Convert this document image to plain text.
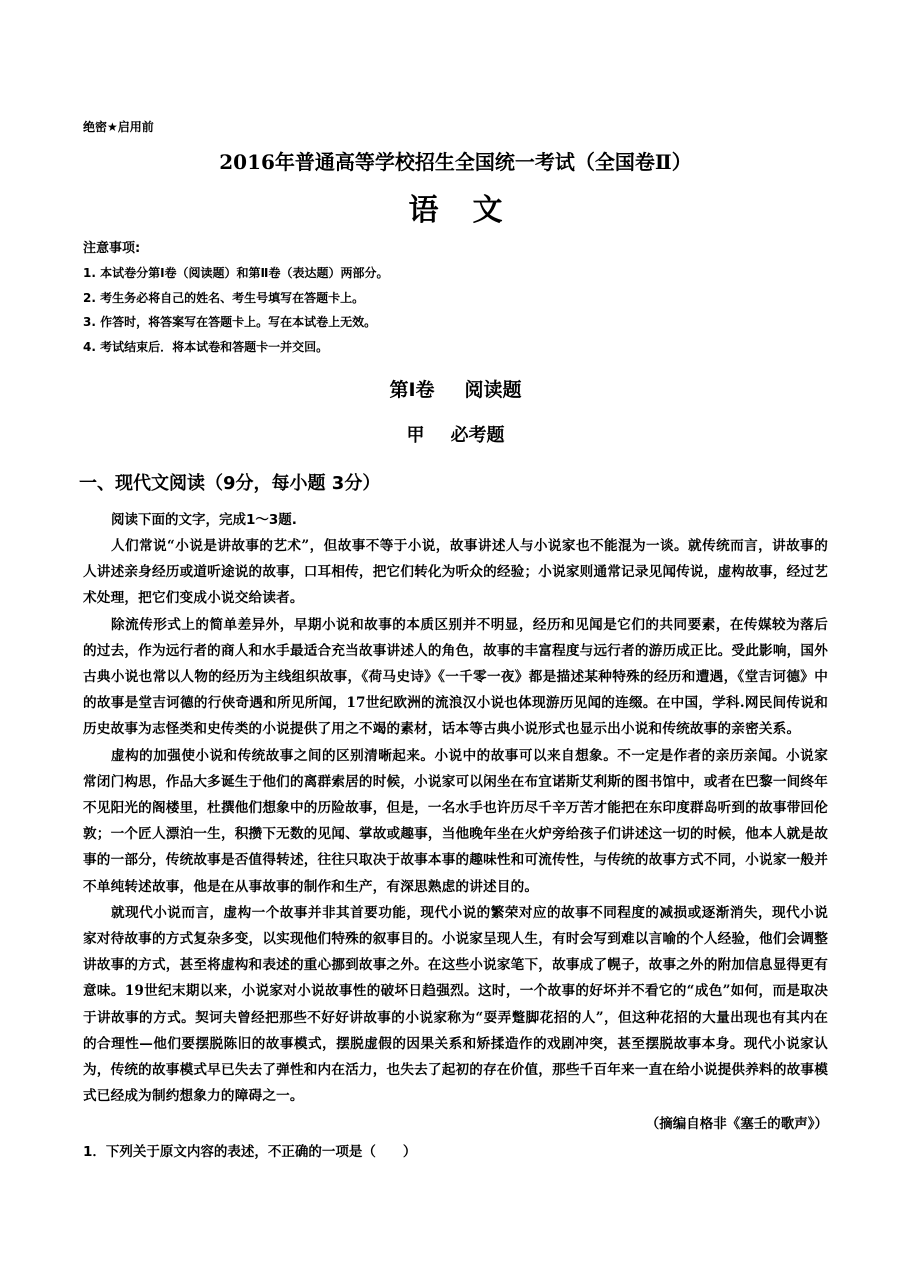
绝密★启用前
2016年普通高等学校招生全国统一考试（全国卷Ⅱ）
语文
注意事项:
1. 本试卷分第Ⅰ卷（阅读题）和第Ⅱ卷（表达题）两部分。
2. 考生务必将自己的姓名、考生号填写在答题卡上。
3. 作答时，将答案写在答题卡上。写在本试卷上无效。
4. 考试结束后．将本试卷和答题卡一并交回。
第Ⅰ卷 阅读题
甲 必考题
一、现代文阅读（9分，每小题 3分）
阅读下面的文字，完成1～3题.

人们常说“小说是讲故事的艺术”，但故事不等于小说，故事讲述人与小说家也不能混为一谈。就传统而言，讲故事的人讲述亲身经历或道听途说的故事，口耳相传，把它们转化为听众的经验；小说家则通常记录见闻传说，虚构故事，经过艺术处理，把它们变成小说交给读者。

除流传形式上的简单差异外，早期小说和故事的本质区别并不明显，经历和见闻是它们的共同要素，在传媒较为落后的过去，作为远行者的商人和水手最适合充当故事讲述人的角色，故事的丰富程度与远行者的游历成正比。受此影响，国外古典小说也常以人物的经历为主线组织故事，《荷马史诗》《一千零一夜》都是描述某种特殊的经历和遭遇，《堂吉诃德》中的故事是堂吉诃德的行侠奇遇和所见所闻，17世纪欧洲的流浪汉小说也体现游历见闻的连缀。在中国，学科.网民间传说和历史故事为志怪类和史传类的小说提供了用之不竭的素材，话本等古典小说形式也显示出小说和传统故事的亲密关系。

虚构的加强使小说和传统故事之间的区别清晰起来。小说中的故事可以来自想象。不一定是作者的亲历亲闻。小说家常闭门构思，作品大多诞生于他们的离群索居的时候，小说家可以闲坐在布宜诺斯艾利斯的图书馆中，或者在巴黎一间终年不见阳光的阁楼里，杜撰他们想象中的历险故事，但是，一名水手也许历尽千辛万苦才能把在东印度群岛听到的故事带回伦敦；一个匠人漂泊一生，积攒下无数的见闻、掌故或趣事，当他晚年坐在火炉旁给孩子们讲述这一切的时候，他本人就是故事的一部分，传统故事是否值得转述，往往只取决于故事本事的趣味性和可流传性，与传统的故事方式不同，小说家一般并不单纯转述故事，他是在从事故事的制作和生产，有深思熟虑的讲述目的。

就现代小说而言，虚构一个故事并非其首要功能，现代小说的繁荣对应的故事不同程度的减损或逐渐消失，现代小说家对待故事的方式复杂多变，以实现他们特殊的叙事目的。小说家呈现人生，有时会写到难以言喻的个人经验，他们会调整讲故事的方式，甚至将虚构和表述的重心挪到故事之外。在这些小说家笔下，故事成了幌子，故事之外的附加信息显得更有意味。19世纪末期以来，小说家对小说故事性的破坏日趋强烈。这时，一个故事的好坏并不看它的“成色”如何，而是取决于讲故事的方式。契诃夫曾经把那些不好好讲故事的小说家称为“耍弄蹩脚花招的人”，但这种花招的大量出现也有其内在的合理性—他们要摆脱陈旧的故事模式，摆脱虚假的因果关系和矫揉造作的戏剧冲突，甚至摆脱故事本身。现代小说家认为，传统的故事模式早已失去了弹性和内在活力，也失去了起初的存在价值，那些千百年来一直在给小说提供养料的故事模式已经成为制约想象力的障碍之一。

（摘编自格非《塞壬的歌声》）
1．下列关于原文内容的表述，不正确的一项是（　　）
